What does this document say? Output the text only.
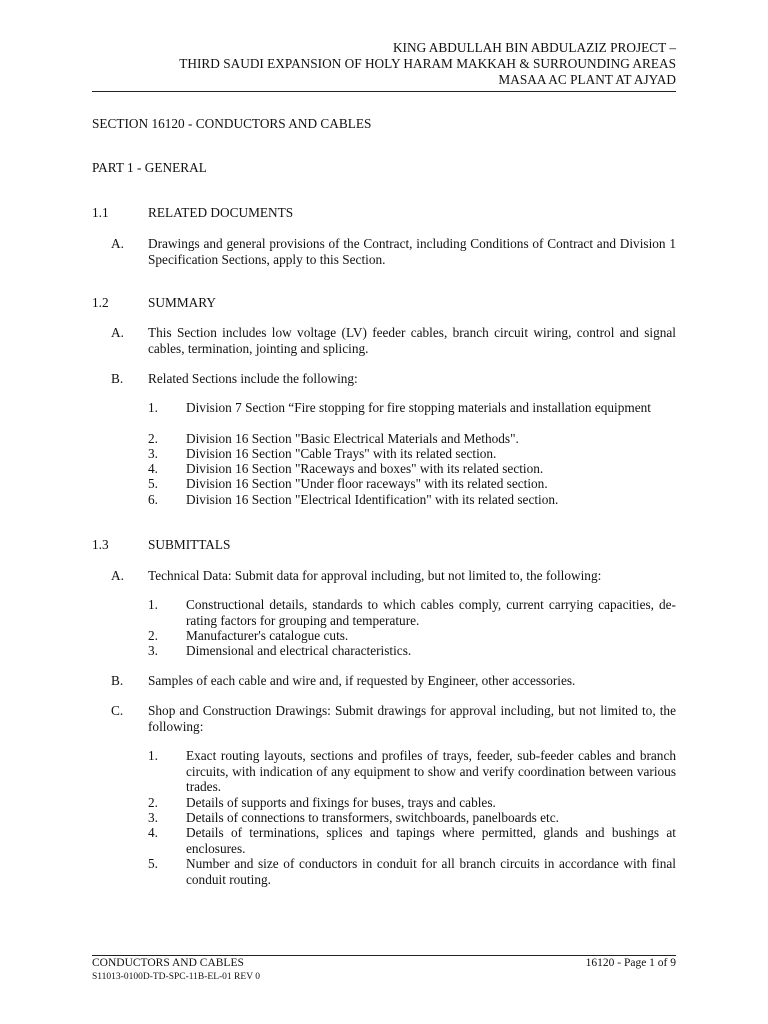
KING ABDULLAH BIN ABDULAZIZ PROJECT –
THIRD SAUDI EXPANSION OF HOLY HARAM MAKKAH & SURROUNDING AREAS
MASAA AC PLANT AT AJYAD
SECTION 16120 - CONDUCTORS AND CABLES
PART 1 - GENERAL
1.1	RELATED DOCUMENTS
A. Drawings and general provisions of the Contract, including Conditions of Contract and Division 1 Specification Sections, apply to this Section.
1.2	SUMMARY
A. This Section includes low voltage (LV) feeder cables, branch circuit wiring, control and signal cables, termination, jointing and splicing.
B. Related Sections include the following:
1. Division 7 Section “Fire stopping for fire stopping materials and installation equipment
2. Division 16 Section "Basic Electrical Materials and Methods".
3. Division 16 Section "Cable Trays" with its related section.
4. Division 16 Section "Raceways and boxes" with its related section.
5. Division 16 Section "Under floor raceways" with its related section.
6. Division 16 Section "Electrical Identification" with its related section.
1.3	SUBMITTALS
A. Technical Data: Submit data for approval including, but not limited to, the following:
1. Constructional details, standards to which cables comply, current carrying capacities, de-rating factors for grouping and temperature.
2. Manufacturer's catalogue cuts.
3. Dimensional and electrical characteristics.
B. Samples of each cable and wire and, if requested by Engineer, other accessories.
C. Shop and Construction Drawings: Submit drawings for approval including, but not limited to, the following:
1. Exact routing layouts, sections and profiles of trays, feeder, sub-feeder cables and branch circuits, with indication of any equipment to show and verify coordination between various trades.
2. Details of supports and fixings for buses, trays and cables.
3. Details of connections to transformers, switchboards, panelboards etc.
4. Details of terminations, splices and tapings where permitted, glands and bushings at enclosures.
5. Number and size of conductors in conduit for all branch circuits in accordance with final conduit routing.
CONDUCTORS AND CABLES	16120 - Page 1 of 9
S11013-0100D-TD-SPC-11B-EL-01 REV 0
